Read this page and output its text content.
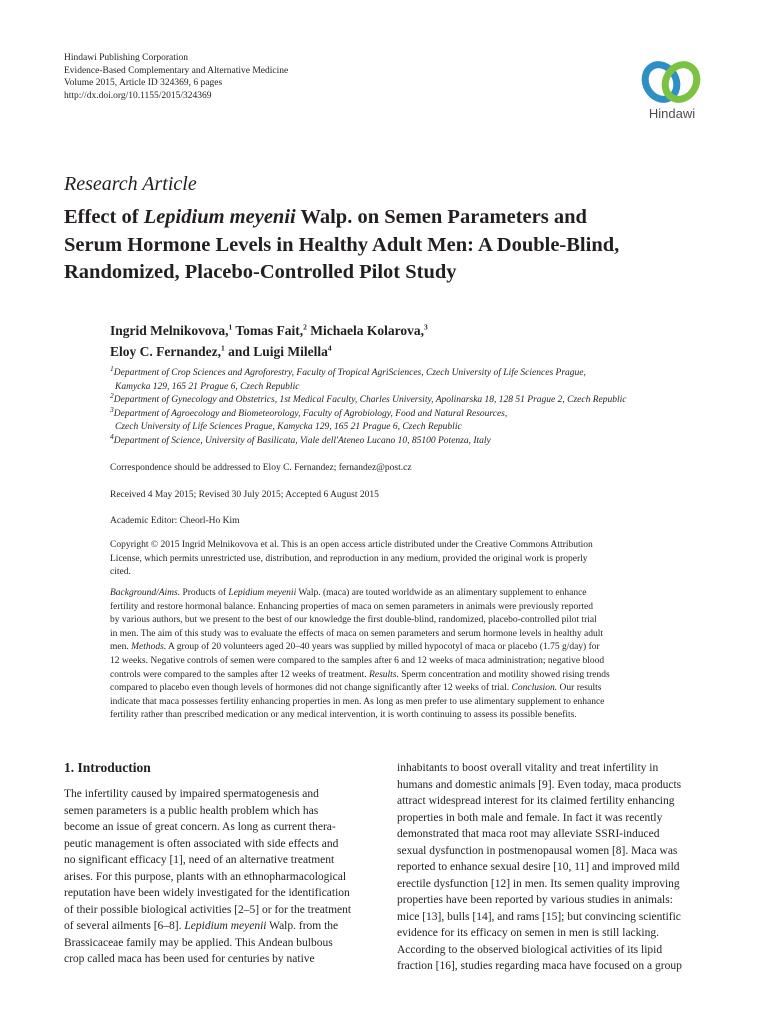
Hindawi Publishing Corporation
Evidence-Based Complementary and Alternative Medicine
Volume 2015, Article ID 324369, 6 pages
http://dx.doi.org/10.1155/2015/324369
Hindawi
Research Article
Effect of Lepidium meyenii Walp. on Semen Parameters and
Serum Hormone Levels in Healthy Adult Men: A Double-Blind,
Randomized, Placebo-Controlled Pilot Study
Ingrid Melnikovova,$^1$ Tomas Fait,$^2$ Michaela Kolarova,$^3$
Eloy C. Fernandez,$^1$ and Luigi Milella$^4$
$^1$Department of Crop Sciences and Agroforestry, Faculty of Tropical AgriSciences, Czech University of Life Sciences Prague,
Kamycka 129, 165 21 Prague 6, Czech Republic
$^2$Department of Gynecology and Obstetrics, 1st Medical Faculty, Charles University, Apolinarska 18, 128 51 Prague 2, Czech Republic
$^3$Department of Agroecology and Biometeorology, Faculty of Agrobiology, Food and Natural Resources,
Czech University of Life Sciences Prague, Kamycka 129, 165 21 Prague 6, Czech Republic
$^4$Department of Science, University of Basilicata, Viale dell'Ateneo Lucano 10, 85100 Potenza, Italy
Correspondence should be addressed to Eloy C. Fernandez; fernandez@post.cz
Received 4 May 2015; Revised 30 July 2015; Accepted 6 August 2015
Academic Editor: Cheorl-Ho Kim
Copyright © 2015 Ingrid Melnikovova et al. This is an open access article distributed under the Creative Commons Attribution
License, which permits unrestricted use, distribution, and reproduction in any medium, provided the original work is properly
cited.
Background/Aims. Products of Lepidium meyenii Walp. (maca) are touted worldwide as an alimentary supplement to enhance
fertility and restore hormonal balance. Enhancing properties of maca on semen parameters in animals were previously reported
by various authors, but we present to the best of our knowledge the first double-blind, randomized, placebo-controlled pilot trial
in men. The aim of this study was to evaluate the effects of maca on semen parameters and serum hormone levels in healthy adult
men. Methods. A group of 20 volunteers aged 20–40 years was supplied by milled hypocotyl of maca or placebo (1.75 g/day) for
12 weeks. Negative controls of semen were compared to the samples after 6 and 12 weeks of maca administration; negative blood
controls were compared to the samples after 12 weeks of treatment. Results. Sperm concentration and motility showed rising trends
compared to placebo even though levels of hormones did not change significantly after 12 weeks of trial. Conclusion. Our results
indicate that maca possesses fertility enhancing properties in men. As long as men prefer to use alimentary supplement to enhance
fertility rather than prescribed medication or any medical intervention, it is worth continuing to assess its possible benefits.
1. Introduction
The infertility caused by impaired spermatogenesis and
semen parameters is a public health problem which has
become an issue of great concern. As long as current thera-
peutic management is often associated with side effects and
no significant efficacy [1], need of an alternative treatment
arises. For this purpose, plants with an ethnopharmacological
reputation have been widely investigated for the identification
of their possible biological activities [2–5] or for the treatment
of several ailments [6–8]. Lepidium meyenii Walp. from the
Brassicaceae family may be applied. This Andean bulbous
crop called maca has been used for centuries by native
inhabitants to boost overall vitality and treat infertility in
humans and domestic animals [9]. Even today, maca products
attract widespread interest for its claimed fertility enhancing
properties in both male and female. In fact it was recently
demonstrated that maca root may alleviate SSRI-induced
sexual dysfunction in postmenopausal women [8]. Maca was
reported to enhance sexual desire [10, 11] and improved mild
erectile dysfunction [12] in men. Its semen quality improving
properties have been reported by various studies in animals:
mice [13], bulls [14], and rams [15]; but convincing scientific
evidence for its efficacy on semen in men is still lacking.
According to the observed biological activities of its lipid
fraction [16], studies regarding maca have focused on a group
